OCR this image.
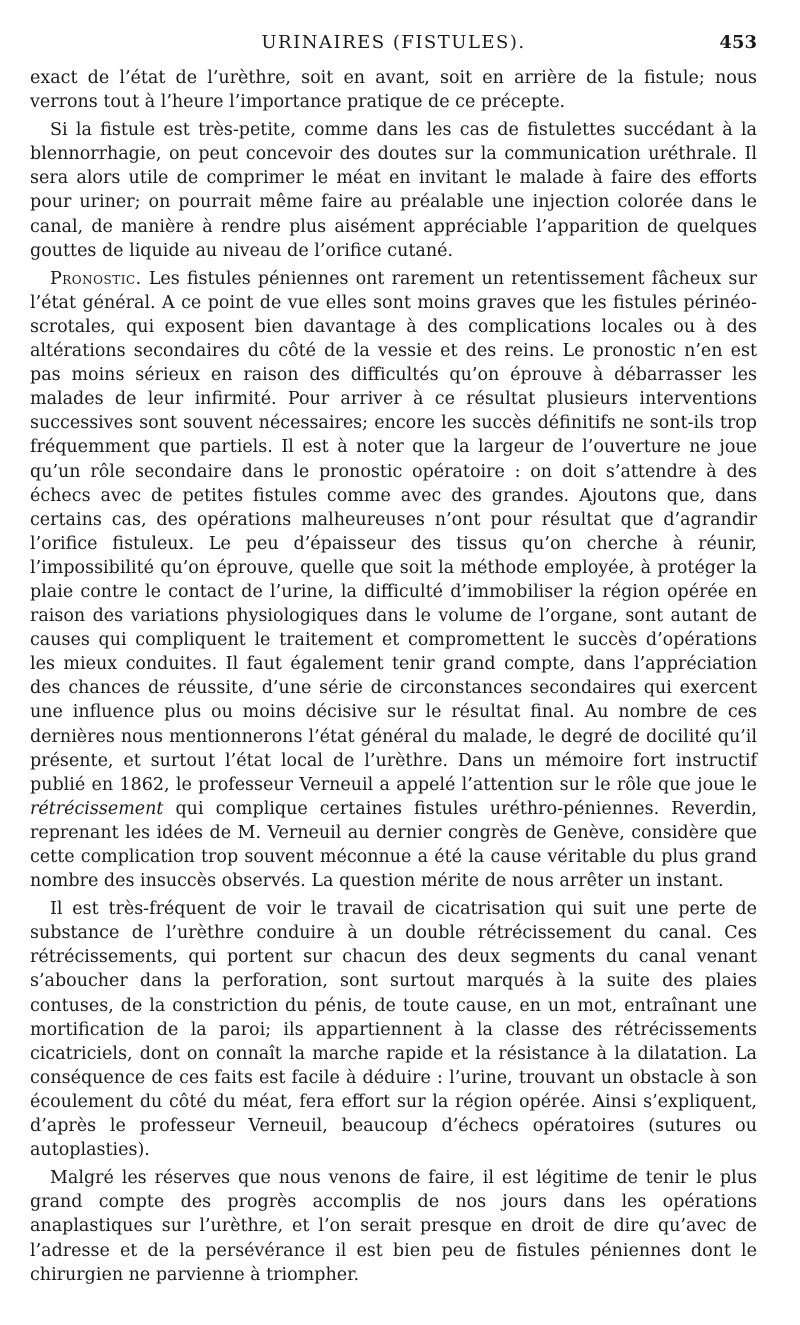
URINAIRES (FISTULES).	453

exact de l’état de l’urèthre, soit en avant, soit en arrière de la fistule; nous verrons tout à l’heure l’importance pratique de ce précepte.

Si la fistule est très-petite, comme dans les cas de fistulettes succédant à la blennorrhagie, on peut concevoir des doutes sur la communication uréthrale. Il sera alors utile de comprimer le méat en invitant le malade à faire des efforts pour uriner; on pourrait même faire au préalable une injection colorée dans le canal, de manière à rendre plus aisément appréciable l’apparition de quelques gouttes de liquide au niveau de l’orifice cutané.

Pronostic. Les fistules péniennes ont rarement un retentissement fâcheux sur l’état général. A ce point de vue elles sont moins graves que les fistules périnéo-scrotales, qui exposent bien davantage à des complications locales ou à des altérations secondaires du côté de la vessie et des reins. Le pronostic n’en est pas moins sérieux en raison des difficultés qu’on éprouve à débarrasser les malades de leur infirmité. Pour arriver à ce résultat plusieurs interventions successives sont souvent nécessaires; encore les succès définitifs ne sont-ils trop fréquemment que partiels. Il est à noter que la largeur de l’ouverture ne joue qu’un rôle secondaire dans le pronostic opératoire : on doit s’attendre à des échecs avec de petites fistules comme avec des grandes. Ajoutons que, dans certains cas, des opérations malheureuses n’ont pour résultat que d’agrandir l’orifice fistuleux. Le peu d’épaisseur des tissus qu’on cherche à réunir, l’impossibilité qu’on éprouve, quelle que soit la méthode employée, à protéger la plaie contre le contact de l’urine, la difficulté d’immobiliser la région opérée en raison des variations physiologiques dans le volume de l’organe, sont autant de causes qui compliquent le traitement et compromettent le succès d’opérations les mieux conduites. Il faut également tenir grand compte, dans l’appréciation des chances de réussite, d’une série de circonstances secondaires qui exercent une influence plus ou moins décisive sur le résultat final. Au nombre de ces dernières nous mentionnerons l’état général du malade, le degré de docilité qu’il présente, et surtout l’état local de l’urèthre. Dans un mémoire fort instructif publié en 1862, le professeur Verneuil a appelé l’attention sur le rôle que joue le rétrécissement qui complique certaines fistules uréthro-péniennes. Reverdin, reprenant les idées de M. Verneuil au dernier congrès de Genève, considère que cette complication trop souvent méconnue a été la cause véritable du plus grand nombre des insuccès observés. La question mérite de nous arrêter un instant.

Il est très-fréquent de voir le travail de cicatrisation qui suit une perte de substance de l’urèthre conduire à un double rétrécissement du canal. Ces rétrécissements, qui portent sur chacun des deux segments du canal venant s’aboucher dans la perforation, sont surtout marqués à la suite des plaies contuses, de la constriction du pénis, de toute cause, en un mot, entraînant une mortification de la paroi; ils appartiennent à la classe des rétrécissements cicatriciels, dont on connaît la marche rapide et la résistance à la dilatation. La conséquence de ces faits est facile à déduire : l’urine, trouvant un obstacle à son écoulement du côté du méat, fera effort sur la région opérée. Ainsi s’expliquent, d’après le professeur Verneuil, beaucoup d’échecs opératoires (sutures ou autoplasties).

Malgré les réserves que nous venons de faire, il est légitime de tenir le plus grand compte des progrès accomplis de nos jours dans les opérations anaplastiques sur l’urèthre, et l’on serait presque en droit de dire qu’avec de l’adresse et de la persévérance il est bien peu de fistules péniennes dont le chirurgien ne parvienne à triompher.
